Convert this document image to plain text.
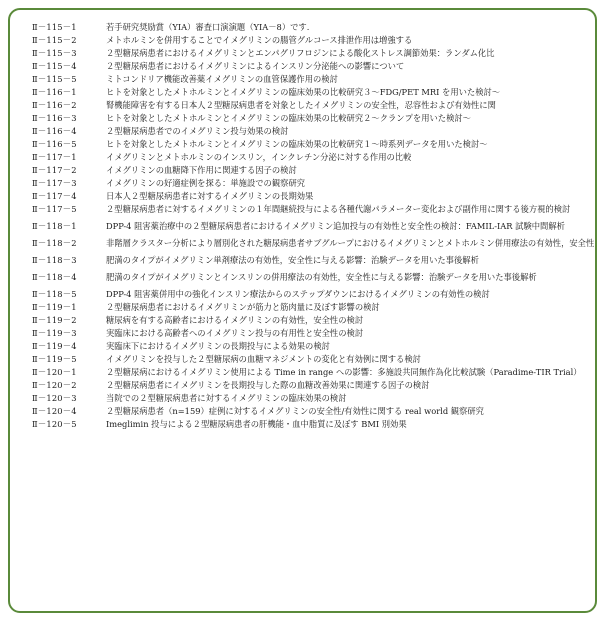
Ⅱ－115－1	若手研究奨励賞（YIA）審査口演演題（YIA－8）です.
Ⅱ－115－2	メトホルミンを併用することでイメグリミンの腸管グルコース排泄作用は増強する
Ⅱ－115－3	２型糖尿病患者におけるイメグリミンとエンパグリフロジンによる酸化ストレス調節効果：ランダム化比
Ⅱ－115－4	２型糖尿病患者におけるイメグリミンによるインスリン分泌能への影響について
Ⅱ－115－5	ミトコンドリア機能改善薬イメグリミンの血管保護作用の検討
Ⅱ－116－1	ヒトを対象としたメトホルミンとイメグリミンの臨床効果の比較研究３〜FDG/PET MRI を用いた検討〜
Ⅱ－116－2	腎機能障害を有する日本人２型糖尿病患者を対象としたイメグリミンの安全性，忍容性および有効性に関
Ⅱ－116－3	ヒトを対象としたメトホルミンとイメグリミンの臨床効果の比較研究２〜クランプを用いた検討〜
Ⅱ－116－4	２型糖尿病患者でのイメグリミン投与効果の検討
Ⅱ－116－5	ヒトを対象としたメトホルミンとイメグリミンの臨床効果の比較研究１〜時系列データを用いた検討〜
Ⅱ－117－1	イメグリミンとメトホルミンのインスリン，インクレチン分泌に対する作用の比較
Ⅱ－117－2	イメグリミンの血糖降下作用に関連する因子の検討
Ⅱ－117－3	イメグリミンの好適症例を探る：単施設での観察研究
Ⅱ－117－4	日本人２型糖尿病患者に対するイメグリミンの長期効果
Ⅱ－117－5	２型糖尿病患者に対するイメグリミンの１年間継続投与による各種代謝パラメーター変化および副作用に関する後方視的検討
Ⅱ－118－1	DPP-4 阻害薬治療中の２型糖尿病患者におけるイメグリミン追加投与の有効性と安全性の検討：FAMIL-IAR 試験中間解析
Ⅱ－118－2	非階層クラスター分析により層別化された糖尿病患者サブグループにおけるイメグリミンとメトホルミン併用療法の有効性，安全性
Ⅱ－118－3	肥満のタイプがイメグリミン単剤療法の有効性，安全性に与える影響：治験データを用いた事後解析
Ⅱ－118－4	肥満のタイプがイメグリミンとインスリンの併用療法の有効性，安全性に与える影響：治験データを用いた事後解析
Ⅱ－118－5	DPP-4 阻害薬併用中の強化インスリン療法からのステップダウンにおけるイメグリミンの有効性の検討
Ⅱ－119－1	２型糖尿病患者におけるイメグリミンが筋力と筋肉量に及ぼす影響の検討
Ⅱ－119－2	糖尿病を有する高齢者におけるイメグリミンの有効性，安全性の検討
Ⅱ－119－3	実臨床における高齢者へのイメグリミン投与の有用性と安全性の検討
Ⅱ－119－4	実臨床下におけるイメグリミンの長期投与による効果の検討
Ⅱ－119－5	イメグリミンを投与した２型糖尿病の血糖マネジメントの変化と有効例に関する検討
Ⅱ－120－1	２型糖尿病におけるイメグリミン使用による Time in range への影響：多施設共同無作為化比較試験（Paradime-TIR Trial）
Ⅱ－120－2	２型糖尿病患者にイメグリミンを長期投与した際の血糖改善効果に関連する因子の検討
Ⅱ－120－3	当院での２型糖尿病患者に対するイメグリミンの臨床効果の検討
Ⅱ－120－4	２型糖尿病患者（n=159）症例に対するイメグリミンの安全性/有効性に関する real world 観察研究
Ⅱ－120－5	Imeglimin 投与による２型糖尿病患者の肝機能・血中脂質に及ぼす BMI 別効果
